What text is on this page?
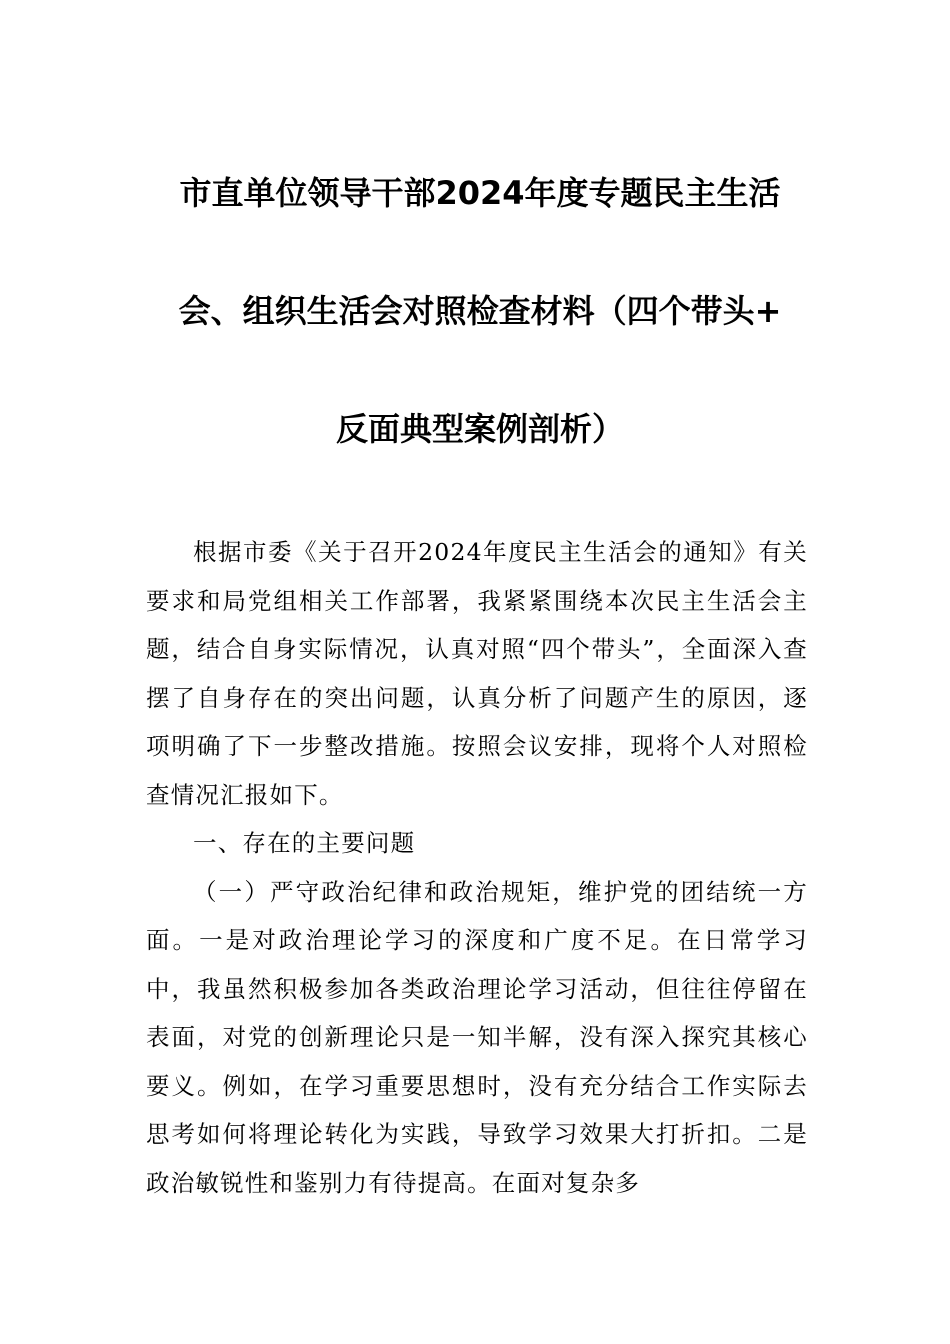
市直单位领导干部2024年度专题民主生活
会、组织生活会对照检查材料（四个带头+
反面典型案例剖析）

根据市委《关于召开2024年度民主生活会的通知》有关要求和局党组相关工作部署，我紧紧围绕本次民主生活会主题，结合自身实际情况，认真对照“四个带头”，全面深入查摆了自身存在的突出问题，认真分析了问题产生的原因，逐项明确了下一步整改措施。按照会议安排，现将个人对照检查情况汇报如下。

一、存在的主要问题

（一）严守政治纪律和政治规矩，维护党的团结统一方面。一是对政治理论学习的深度和广度不足。在日常学习中，我虽然积极参加各类政治理论学习活动，但往往停留在表面，对党的创新理论只是一知半解，没有深入探究其核心要义。例如，在学习重要思想时，没有充分结合工作实际去思考如何将理论转化为实践，导致学习效果大打折扣。二是政治敏锐性和鉴别力有待提高。在面对复杂多
